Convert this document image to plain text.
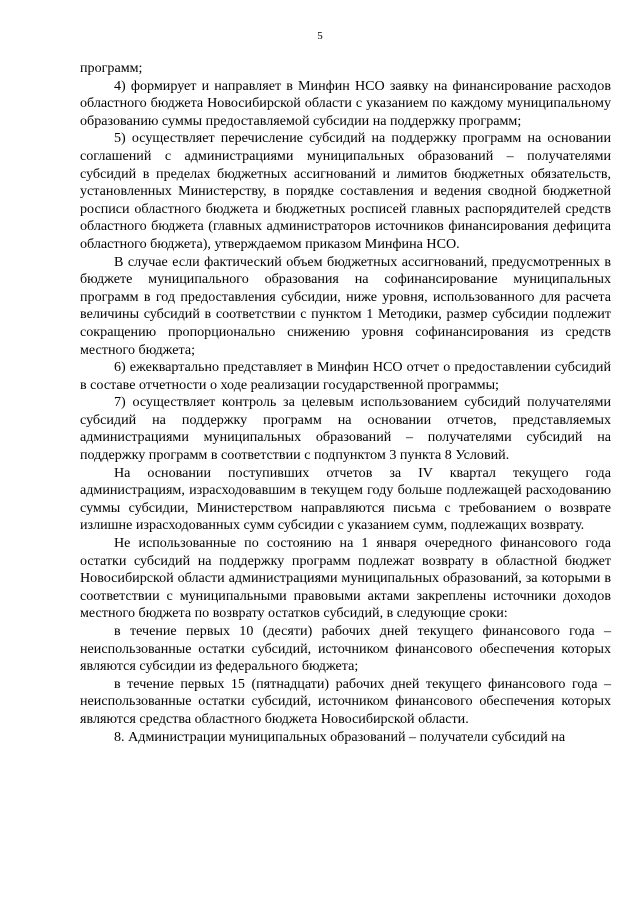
5

программ;

4) формирует и направляет в Минфин НСО заявку на финансирование расходов областного бюджета Новосибирской области с указанием по каждому муниципальному образованию суммы предоставляемой субсидии на поддержку программ;

5) осуществляет перечисление субсидий на поддержку программ на основании соглашений с администрациями муниципальных образований – получателями субсидий в пределах бюджетных ассигнований и лимитов бюджетных обязательств, установленных Министерству, в порядке составления и ведения сводной бюджетной росписи областного бюджета и бюджетных росписей главных распорядителей средств областного бюджета (главных администраторов источников финансирования дефицита областного бюджета), утверждаемом приказом Минфина НСО.

В случае если фактический объем бюджетных ассигнований, предусмотренных в бюджете муниципального образования на софинансирование муниципальных программ в год предоставления субсидии, ниже уровня, использованного для расчета величины субсидий в соответствии с пунктом 1 Методики, размер субсидии подлежит сокращению пропорционально снижению уровня софинансирования из средств местного бюджета;

6) ежеквартально представляет в Минфин НСО отчет о предоставлении субсидий в составе отчетности о ходе реализации государственной программы;

7) осуществляет контроль за целевым использованием субсидий получателями субсидий на поддержку программ на основании отчетов, представляемых администрациями муниципальных образований – получателями субсидий на поддержку программ в соответствии с подпунктом 3 пункта 8 Условий.

На основании поступивших отчетов за IV квартал текущего года администрациям, израсходовавшим в текущем году больше подлежащей расходованию суммы субсидии, Министерством направляются письма с требованием о возврате излишне израсходованных сумм субсидии с указанием сумм, подлежащих возврату.

Не использованные по состоянию на 1 января очередного финансового года остатки субсидий на поддержку программ подлежат возврату в областной бюджет Новосибирской области администрациями муниципальных образований, за которыми в соответствии с муниципальными правовыми актами закреплены источники доходов местного бюджета по возврату остатков субсидий, в следующие сроки:

в течение первых 10 (десяти) рабочих дней текущего финансового года – неиспользованные остатки субсидий, источником финансового обеспечения которых являются субсидии из федерального бюджета;

в течение первых 15 (пятнадцати) рабочих дней текущего финансового года – неиспользованные остатки субсидий, источником финансового обеспечения которых являются средства областного бюджета Новосибирской области.

8. Администрации муниципальных образований – получатели субсидий на
